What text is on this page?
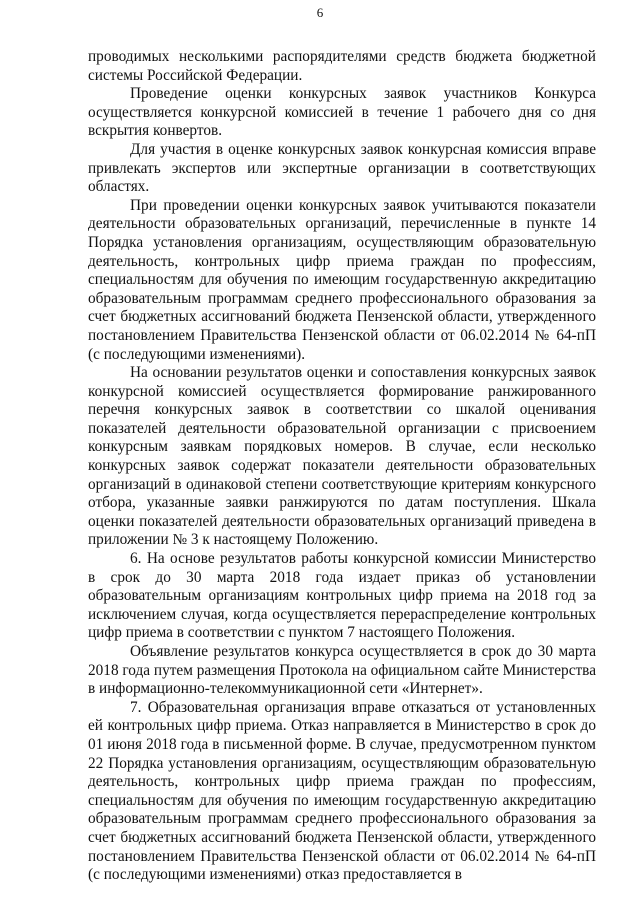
6

проводимых несколькими распорядителями средств бюджета бюджетной системы Российской Федерации.

Проведение оценки конкурсных заявок участников Конкурса осуществляется конкурсной комиссией в течение 1 рабочего дня со дня вскрытия конвертов.

Для участия в оценке конкурсных заявок конкурсная комиссия вправе привлекать экспертов или экспертные организации в соответствующих областях.

При проведении оценки конкурсных заявок учитываются показатели деятельности образовательных организаций, перечисленные в пункте 14 Порядка установления организациям, осуществляющим образовательную деятельность, контрольных цифр приема граждан по профессиям, специальностям для обучения по имеющим государственную аккредитацию образовательным программам среднего профессионального образования за счет бюджетных ассигнований бюджета Пензенской области, утвержденного постановлением Правительства Пензенской области от 06.02.2014 № 64-пП (с последующими изменениями).

На основании результатов оценки и сопоставления конкурсных заявок конкурсной комиссией осуществляется формирование ранжированного перечня конкурсных заявок в соответствии со шкалой оценивания показателей деятельности образовательной организации с присвоением конкурсным заявкам порядковых номеров. В случае, если несколько конкурсных заявок содержат показатели деятельности образовательных организаций в одинаковой степени соответствующие критериям конкурсного отбора, указанные заявки ранжируются по датам поступления. Шкала оценки показателей деятельности образовательных организаций приведена в приложении № 3 к настоящему Положению.

6. На основе результатов работы конкурсной комиссии Министерство в срок до 30 марта 2018 года издает приказ об установлении образовательным организациям контрольных цифр приема на 2018 год за исключением случая, когда осуществляется перераспределение контрольных цифр приема в соответствии с пунктом 7 настоящего Положения.

Объявление результатов конкурса осуществляется в срок до 30 марта 2018 года путем размещения Протокола на официальном сайте Министерства в информационно-телекоммуникационной сети «Интернет».

7. Образовательная организация вправе отказаться от установленных ей контрольных цифр приема. Отказ направляется в Министерство в срок до 01 июня 2018 года в письменной форме. В случае, предусмотренном пунктом 22 Порядка установления организациям, осуществляющим образовательную деятельность, контрольных цифр приема граждан по профессиям, специальностям для обучения по имеющим государственную аккредитацию образовательным программам среднего профессионального образования за счет бюджетных ассигнований бюджета Пензенской области, утвержденного постановлением Правительства Пензенской области от 06.02.2014 № 64-пП (с последующими изменениями) отказ предоставляется в
